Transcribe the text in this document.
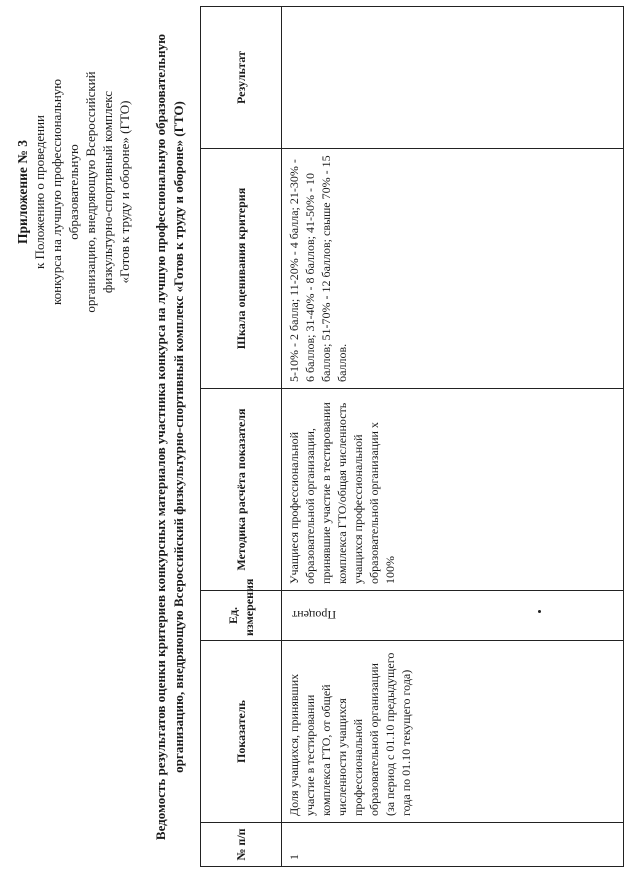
Приложение № 3 к Положению о проведении конкурса на лучшую профессиональную образовательную организацию, внедряющую Всероссийский физкультурно-спортивный комплекс «Готов к труду и обороне» (ГТО) Ведомость результатов оценки критериев конкурсных материалов участника конкурса на лучшую профессиональную образовательную организацию, внедряющую Всероссийский физкультурно-спортивный комплекс «Готов к труду и обороне» (ГТО)
№ п/п	Показатель	Ед. измерения	Методика расчёта показателя	Шкала оценивания критерия	Результат
1	Доля учащихся, принявших участие в тестировании комплекса ГТО, от общей численности учащихся профессиональной образовательной организации (за период с 01.10 предыдущего года по 01.10 текущего года)	Процент	Учащиеся профессиональной образовательной организации, принявшие участие в тестировании комплекса ГТО/общая численность учащихся профессиональной образовательной организации x 100%	5-10% - 2 балла; 11-20% - 4 балла; 21-30% - 6 баллов; 31-40% - 8 баллов; 41-50% - 10 баллов; 51-70% - 12 баллов; свыше 70% - 15 баллов.	
